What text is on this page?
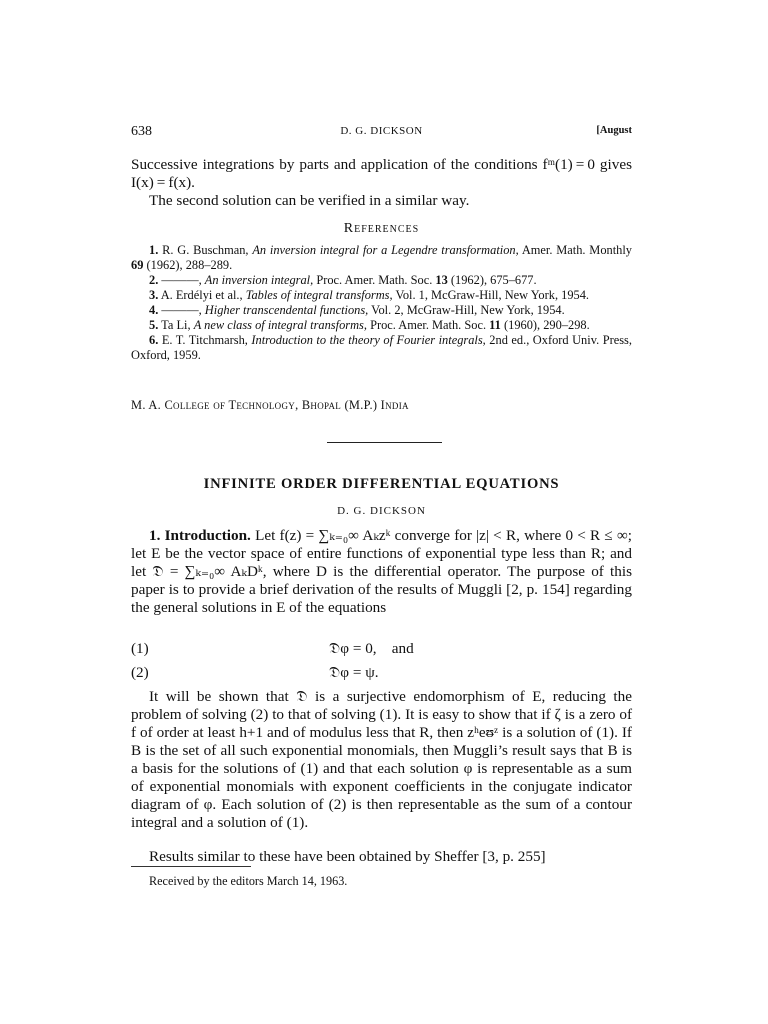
638	D. G. DICKSON	[August
Successive integrations by parts and application of the conditions fᵐ(1) = 0 gives I(x) = f(x).
The second solution can be verified in a similar way.
References

1. R. G. Buschman, An inversion integral for a Legendre transformation, Amer. Math. Monthly 69 (1962), 288–289.

2. ———, An inversion integral, Proc. Amer. Math. Soc. 13 (1962), 675–677.

3. A. Erdélyi et al., Tables of integral transforms, Vol. 1, McGraw-Hill, New York, 1954.

4. ———, Higher transcendental functions, Vol. 2, McGraw-Hill, New York, 1954.

5. Ta Li, A new class of integral transforms, Proc. Amer. Math. Soc. 11 (1960), 290–298.

6. E. T. Titchmarsh, Introduction to the theory of Fourier integrals, 2nd ed., Oxford Univ. Press, Oxford, 1959.

M. A. College of Technology, Bhopal (M.P.) India
INFINITE ORDER DIFFERENTIAL EQUATIONS
D. G. DICKSON
1. Introduction. Let f(z) = ∑ₖ₌₀∞ Aₖzᵏ converge for |z| < R, where 0 < R ≤ ∞; let E be the vector space of entire functions of exponential type less than R; and let 𝔇 = ∑ₖ₌₀∞ AₖDᵏ, where D is the differential operator. The purpose of this paper is to provide a brief derivation of the results of Muggli [2, p. 154] regarding the general solutions in E of the equations
(1)	𝔇φ = 0,    and
(2)	𝔇φ = ψ.
It will be shown that 𝔇 is a surjective endomorphism of E, reducing the problem of solving (2) to that of solving (1). It is easy to show that if ζ is a zero of f of order at least h+1 and of modulus less that R, then zʰeᵿᶻ is a solution of (1). If B is the set of all such exponential monomials, then Muggli’s result says that B is a basis for the solutions of (1) and that each solution φ is representable as a sum of exponential monomials with exponent coefficients in the conjugate indicator diagram of φ. Each solution of (2) is then representable as the sum of a contour integral and a solution of (1).
Results similar to these have been obtained by Sheffer [3, p. 255]
Received by the editors March 14, 1963.
